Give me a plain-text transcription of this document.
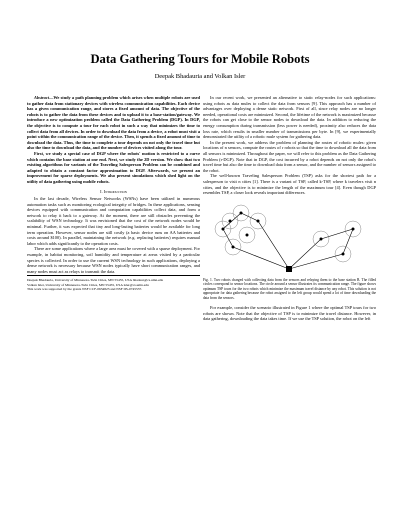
Data Gathering Tours for Mobile Robots
Deepak Bhadauria and Volkan Isler

Abstract—We study a path planning problem which arises when multiple robots are used to gather data from stationary devices with wireless communication capabilities. Each device has a given communication range, and stores a fixed amount of data. The objective of the robots is to gather the data from these devices and to upload it to a base-station/gateway. We introduce a new optimization problem called the Data Gathering Problem (DGP). In DGP, the objective is to compute a tour for each robot in such a way that minimizes the time to collect data from all devices. In order to download the data from a device, a robot must visit a point within the communication range of the device. Then, it spends a fixed amount of time to download the data. Thus, the time to complete a tour depends on not only the travel time but also the time to download the data, and the number of devices visited along the tour.

First, we study a special case of DGP where the robots' motion is restricted to a curve which contains the base station at one end. Next, we study the 2D version. We show that two existing algorithms for variants of the Traveling Salesperson Problem can be combined and adapted to obtain a constant factor approximation to DGP. Afterwards, we present an improvement for sparse deployments. We also present simulations which shed light on the utility of data gathering using mobile robots.

I. Introduction

In the last decade, Wireless Sensor Networks (WSNs) have been utilized in numerous automation tasks such as monitoring ecological integrity of bridges. In these applications, sensing devices equipped with communication and computation capabilities collect data, and form a network to relay it back to a gateway. At the moment, there are still obstacles preventing the scalability of WSN technology. It was envisioned that the cost of the network nodes would be minimal. Further, it was expected that tiny and long-lasting batteries would be available for long term operation. However, sensor nodes are still costly (a basic device runs on AA batteries and costs around $100). In parallel, maintaining the network (e.g. replacing batteries) requires manual labor which adds significantly to the operation costs.

There are some applications where a large area must be covered with a sparse deployment. For example, in habitat monitoring, soil humidity and temperature at areas visited by a particular species is collected. In order to use the current WSN technology in such applications, deploying a dense network is necessary because WSN nodes typically have short communication ranges, and many nodes must act as relays to transmit the data.

Deepak Bhadauria, University of Minnesota-Twin Cities, MN 55455, USA bhadaur@cs.umn.edu
Volkan Isler, University of Minnesota-Twin Cities, MN 55455, USA isler@cs.umn.edu
This work was supported by the grants NSF CCF-0634823 and NSF IIS-0745537.

In our recent work, we presented an alternative to static relay-nodes for such applications: using robots as data mules to collect the data from sensors [9]. This approach has a number of advantages over deploying a dense static network. First of all, since relay nodes are no longer needed, operational costs are minimized. Second, the lifetime of the network is maximized because the robots can get close to the sensor nodes to download the data. In addition to reducing the energy consumption during transmission (less power is needed), proximity also reduces the data loss rate, which results in smaller number of transmissions per byte. In [9], we experimentally demonstrated the utility of a robotic mule system for gathering data.

In the present work, we address the problem of planning the routes of robotic mules: given locations of n sensors, compute the routes of r robots so that the time to download all the data from all sensors is minimized. Throughout the paper, we will refer to this problem as the Data Gathering Problem (r-DGP). Note that in DGP, the cost incurred by a robot depends on not only the robot's travel time but also the time to download data from a sensor, and the number of sensors assigned to the robot.

The well-known Traveling Salesperson Problem (TSP) asks for the shortest path for a salesperson to visit n cities [1]. There is a variant of TSP, called k-TSP, where k travelers visit n cities, and the objective is to minimize the length of the maximum tour [4]. Even though DGP resembles TSP, a closer look reveals important differences.

Fig. 1. Two robots charged with collecting data from the sensors and relaying them to the base station B. The filled circles correspond to sensor locations. The circle around a sensor illustrates its communication range. The figure shows optimum TSP tours for the two robots which minimize the maximum travel distance by any robot. This solution is not appropriate for data gathering because the robot assigned to the left group would spend a lot of time downloading the data from the sensors.

For example, consider the scenario illustrated in Figure 1 where the optimal TSP tours for two robots are shown. Note that the objective of TSP is to minimize the travel distance. However, in data gathering, downloading the data takes time. If we use the TSP solution, the robot on the left
